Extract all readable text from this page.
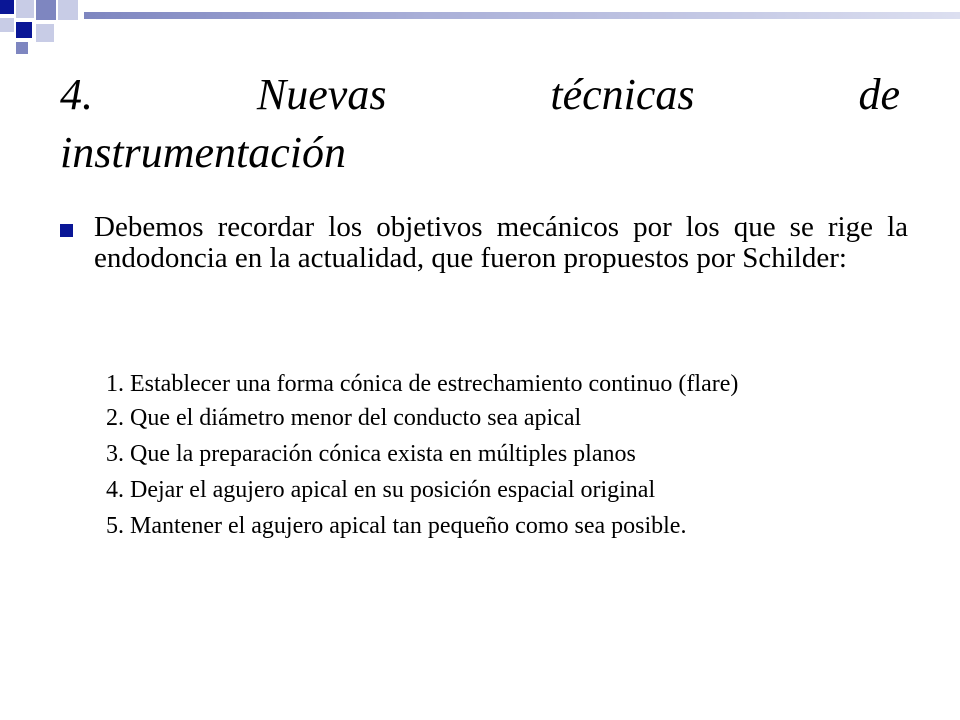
4. Nuevas técnicas de
instrumentación
Debemos recordar los objetivos mecánicos por los que se rige la endodoncia en la actualidad, que fueron propuestos por Schilder:
1. Establecer una forma cónica de estrechamiento continuo (flare)
2. Que el diámetro menor del conducto sea apical
3. Que la preparación cónica exista en múltiples planos
4. Dejar el agujero apical en su posición espacial original
5. Mantener el agujero apical tan pequeño como sea posible.
